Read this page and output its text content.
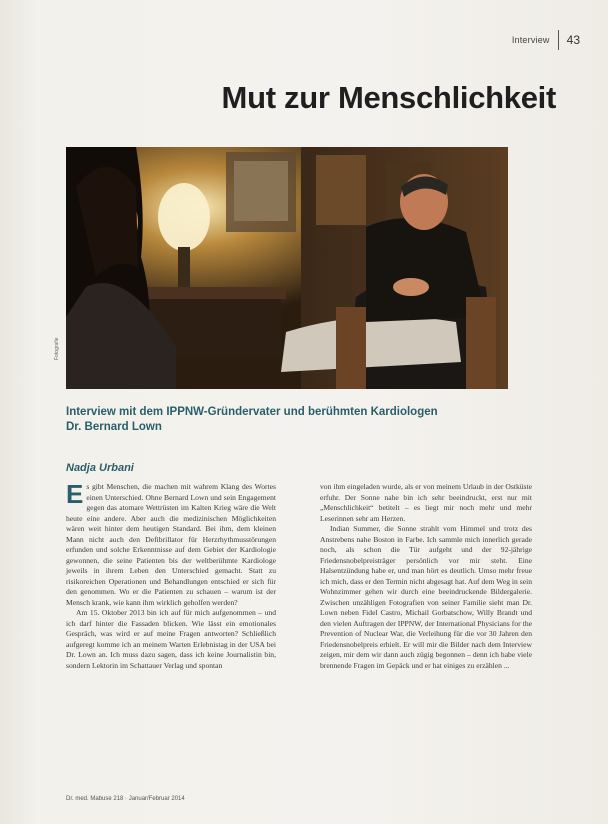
Interview 43
Mut zur Menschlichkeit
Fotografie
Interview mit dem IPPNW-Gründervater und berühmten Kardiologen
Dr. Bernard Lown
Nadja Urbani

Es gibt Menschen, die machen mit wahrem Klang des Wortes einen Unterschied. Ohne Bernard Lown und sein Engagement gegen das atomare Wettrüsten im Kalten Krieg wäre die Welt heute eine andere. Aber auch die medizinischen Möglichkeiten wären weit hinter dem heutigen Standard. Bei ihm, dem kleinen Mann nicht auch den Defibrillator für Herzrhythmusstörungen erfunden und solche Erkenntnisse auf dem Gebiet der Kardiologie gewonnen, die seine Patienten bis der weltberühmte Kardiologe jeweils in ihrem Leben den Unterschied gemacht. Statt zu risikoreichen Operationen und Behandlungen entschied er sich für den genommen. Wo er die Patienten zu schauen – warum ist der Mensch krank, wie kann ihm wirklich geholfen werden?

Am 15. Oktober 2013 bin ich auf für mich aufgenommen – und ich darf hinter die Fassaden blicken. Wie lässt ein emotionales Gespräch, was wird er auf meine Fragen antworten? Schließlich aufgeregt komme ich an meinem Warten Erlebnistag in der USA bei Dr. Lown an. Ich muss dazu sagen, dass ich keine Journalistin bin, sondern Lektorin im Schattauer Verlag und spontan

von ihm eingeladen wurde, als er von meinem Urlaub in der Ostküste erfuhr. Der Sonne nahe bin ich sehr beeindruckt, erst nur mit „Menschlichkeit“ betitelt – es liegt mir noch mehr und mehr Leserinnen sehr am Herzen.

Indian Summer, die Sonne strahlt vom Himmel und trotz des Anstrebens nahe Boston in Farbe. Ich sammle mich innerlich gerade noch, als schon die Tür aufgeht und der 92-jährige Friedensnobelpreisträger persönlich vor mir steht. Eine Halsentzündung habe er, und man hört es deutlich. Umso mehr freue ich mich, dass er den Termin nicht abgesagt hat. Auf dem Weg in sein Wohnzimmer gehen wir durch eine beeindruckende Bildergalerie. Zwischen unzähligen Fotografien von seiner Familie sieht man Dr. Lown neben Fidel Castro, Michail Gorbatschow, Willy Brandt und den vielen Auftragen der IPPNW, der International Physicians for the Prevention of Nuclear War, die Verleihung für die vor 30 Jahren den Friedensnobelpreis erhielt. Er will mir die Bilder nach dem Interview zeigen, mir dem wir dann auch zügig begonnen – denn ich habe viele brennende Fragen im Gepäck und er hat einiges zu erzählen ...

Dr. med. Mabuse 218 · Januar/Februar 2014
